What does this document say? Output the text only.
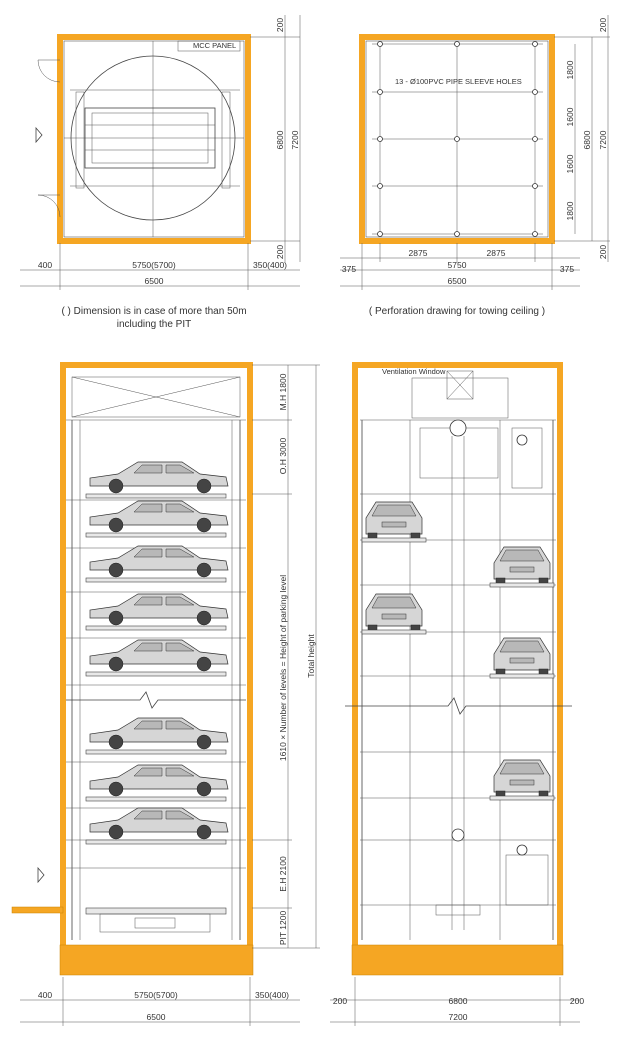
MCC PANEL
200
6800 7200
200
400	5750(5700)	350(400)
6500
( ) Dimension is in case of more than 50m
including the PIT
13 - Ø100PVC PIPE SLEEVE HOLES
1800
1600
1600
1800
200
6800 7200
200
2875	2875
375	5750	375
6500
( Perforation drawing for towing ceiling )
M.H 1800
O.H 3000
1610 × Number of levels = Height of parking level
E.H 2100
PIT 1200
Total height
400	5750(5700)	350(400)
6500
Ventilation Window
200	6800	200
7200
